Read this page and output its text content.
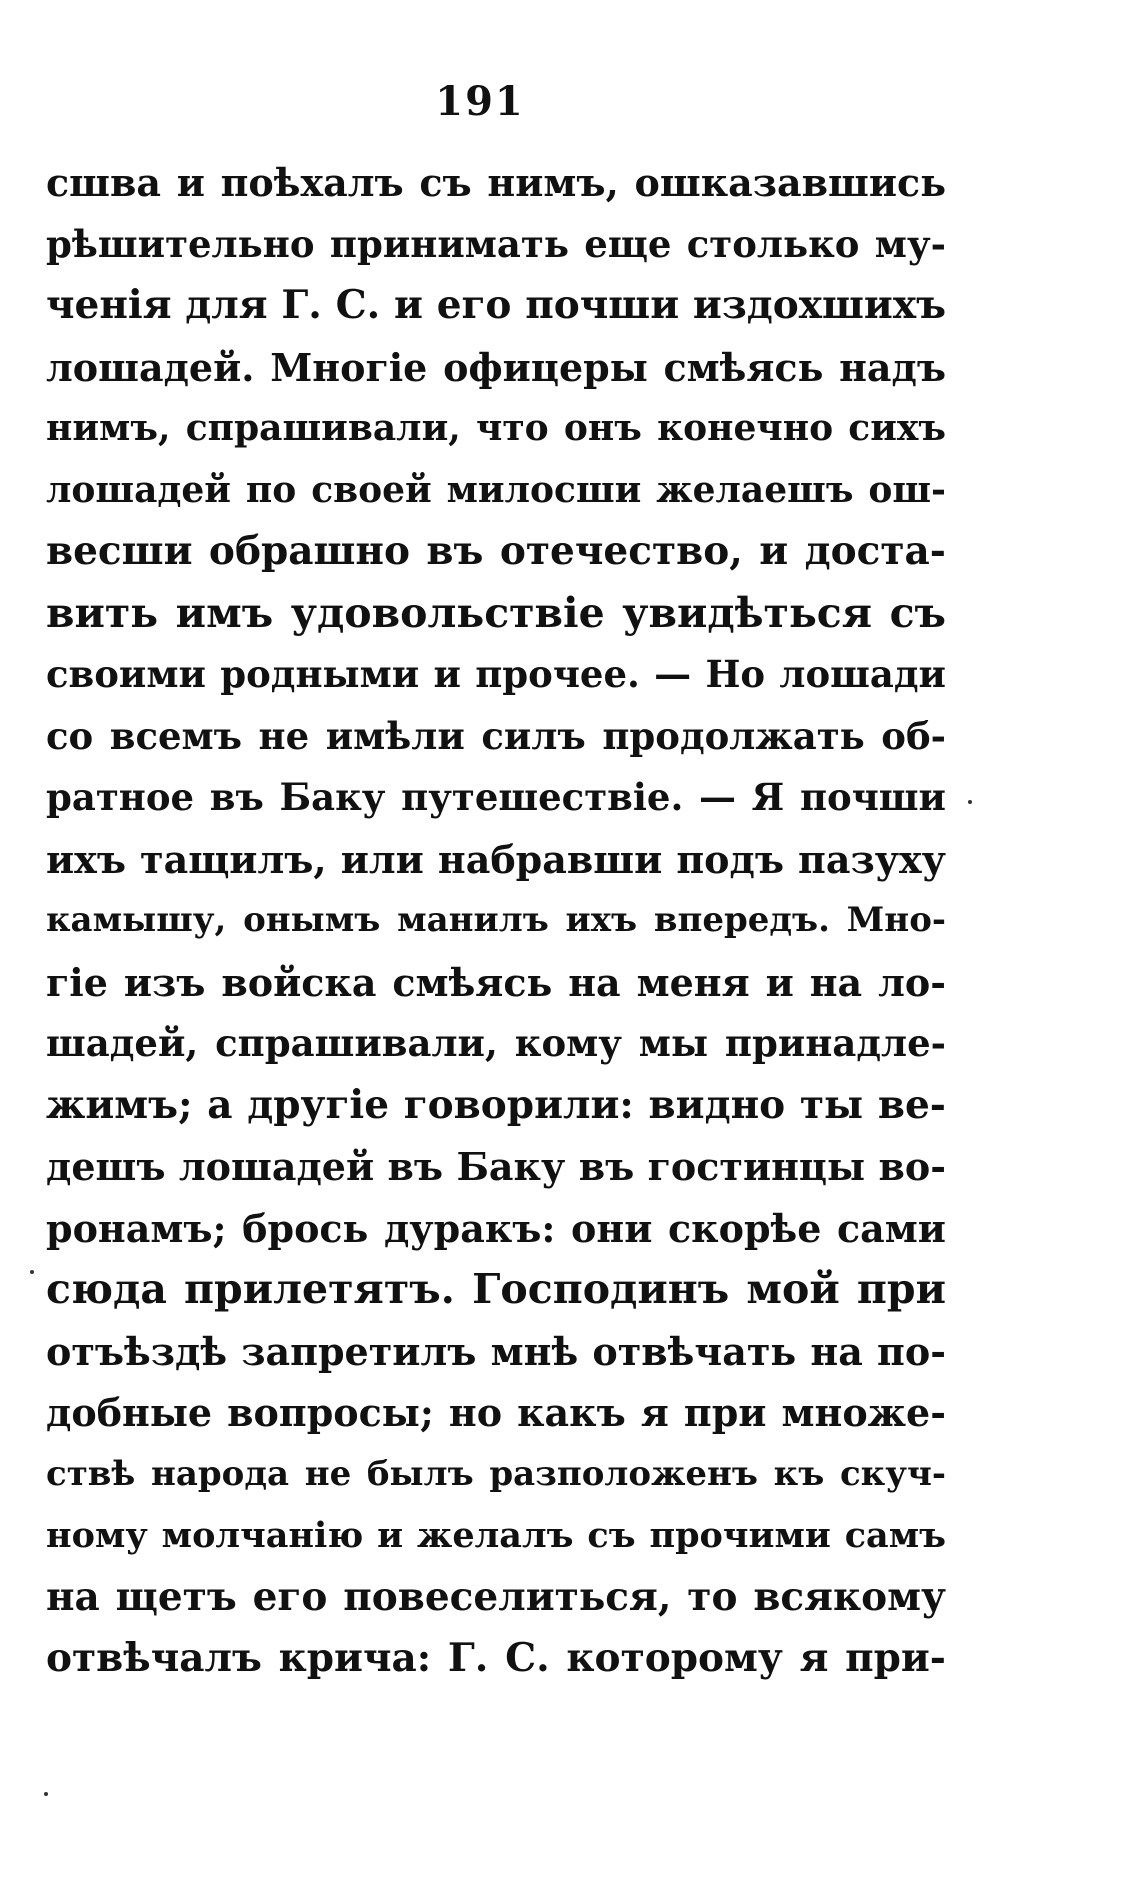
191
сшва и поѣхалъ съ нимъ, ошказавшись
рѣшительно принимать еще столько му-
ченія для Г. С. и его почши издохшихъ
лошадей. Многіе офицеры смѣясь надъ
нимъ, спрашивали, что онъ конечно сихъ
лошадей по своей милосши желаешъ ош-
весши обрашно въ отечество, и доста-
вить имъ удовольствіе увидѣться съ
своими родными и прочее. — Но лошади
со всемъ не имѣли силъ продолжать об-
ратное въ Баку путешествіе. — Я почши
ихъ тащилъ, или набравши подъ пазуху
камышу, онымъ манилъ ихъ впередъ. Мно-
гіе изъ войска смѣясь на меня и на ло-
шадей, спрашивали, кому мы принадле-
жимъ; а другіе говорили: видно ты ве-
дешъ лошадей въ Баку въ гостинцы во-
ронамъ; брось дуракъ: они скорѣе сами
сюда прилетятъ. Господинъ мой при
отъѣздѣ запретилъ мнѣ отвѣчать на по-
добные вопросы; но какъ я при множе-
ствѣ народа не былъ разположенъ къ скуч-
ному молчанію и желалъ съ прочими самъ
на щетъ его повеселиться, то всякому
отвѣчалъ крича: Г. С. которому я при-
